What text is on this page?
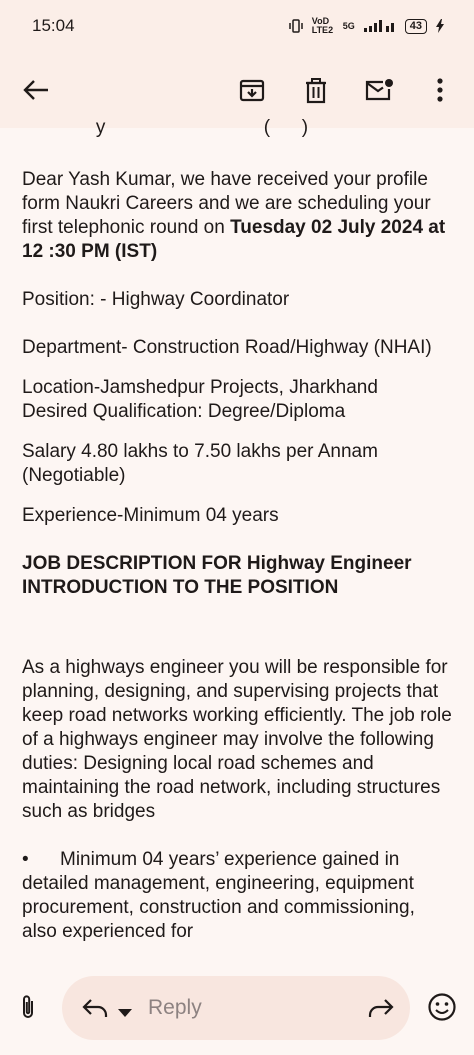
15:04	VoD LTE2 5G	43
y                              (      )

Dear Yash Kumar, we have received your profile form Naukri Careers and we are scheduling your first telephonic round on Tuesday 02 July 2024 at 12 :30 PM (IST)

Position: - Highway Coordinator

Department- Construction Road/Highway (NHAI)

Location-Jamshedpur Projects, Jharkhand

Desired Qualification: Degree/Diploma

Salary 4.80 lakhs to 7.50 lakhs per Annam (Negotiable)

Experience-Minimum 04 years

JOB DESCRIPTION FOR Highway Engineer

INTRODUCTION TO THE POSITION

As a highways engineer you will be responsible for planning, designing, and supervising projects that keep road networks working efficiently. The job role of a highways engineer may involve the following duties: Designing local road schemes and maintaining the road network, including structures such as bridges

•	Minimum 04 years’ experience gained in detailed management, engineering, equipment procurement, construction and commissioning, also experienced for

Reply
